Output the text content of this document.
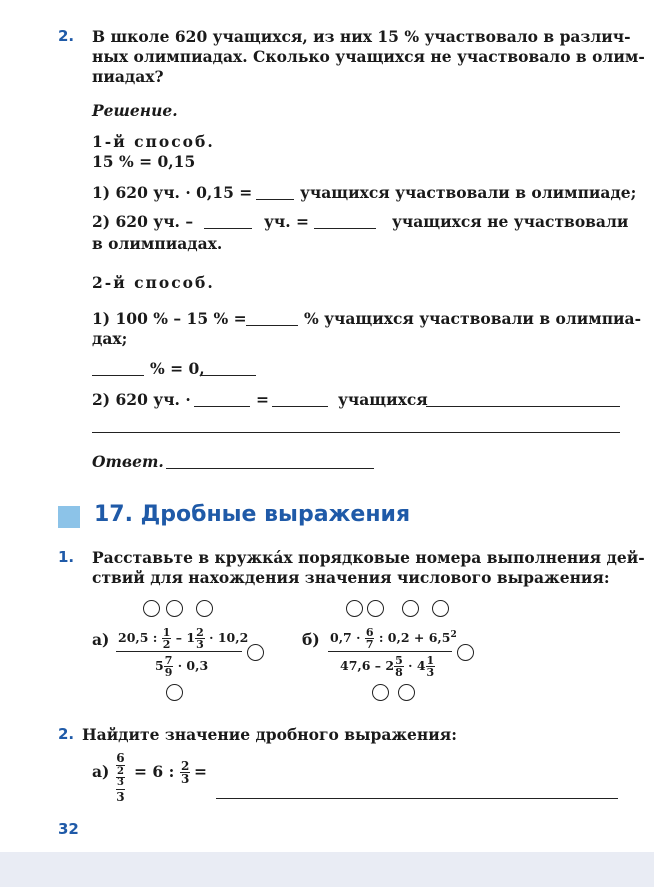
2. В школе 620 учащихся, из них 15 % участвовало в различ-
ных олимпиадах. Сколько учащихся не участвовало в олим-
пиадах?
Решение.
1-й способ.
15 % = 0,15
1) 620 уч. · 0,15 =	учащихся участвовали в олимпиаде;
2) 620 уч. –	уч. =	учащихся не участвовали
в олимпиадах.
2-й способ.
1) 100 % – 15 % =	% учащихся участвовали в олимпиа-
дах;
% = 0,
2) 620 уч. ·	=	учащихся
Ответ.
17. Дробные выражения
1. Расставьте в кружка́х порядковые номера выполнения дей-
ствий для нахождения значения числового выражения:
а) 20,5 : $\frac{1}{2} - 1 \frac{2}{3} \cdot 10,2$
$5 \frac{7}{9} \cdot 0,3$
б) $0,7 \cdot \frac{6}{7}$ : $0,2 + 6,5^2$
$47,6 - 2 \frac{5}{8} \cdot 4 \frac{1}{3}$
2. Найдите значение дробного выражения:
а)
6
2
3
3
= 6 : $\frac{2}{3}$ =
32
